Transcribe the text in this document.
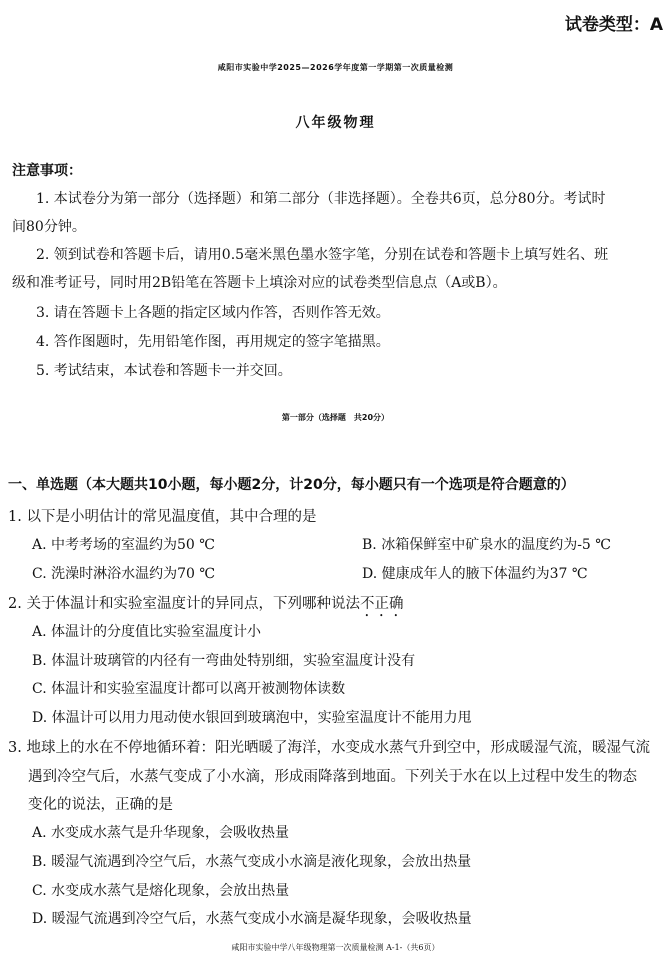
试卷类型：A
咸阳市实验中学2025—2026学年度第一学期第一次质量检测
八年级物理
注意事项：
1. 本试卷分为第一部分（选择题）和第二部分（非选择题）。全卷共6页，总分80分。考试时
间80分钟。
2. 领到试卷和答题卡后，请用0.5毫米黑色墨水签字笔，分别在试卷和答题卡上填写姓名、班
级和准考证号，同时用2B铅笔在答题卡上填涂对应的试卷类型信息点（A或B）。
3. 请在答题卡上各题的指定区域内作答，否则作答无效。
4. 答作图题时，先用铅笔作图，再用规定的签字笔描黑。
5. 考试结束，本试卷和答题卡一并交回。
第一部分（选择题　共20分）
一、单选题（本大题共10小题，每小题2分，计20分，每小题只有一个选项是符合题意的）
1. 以下是小明估计的常见温度值，其中合理的是
A. 中考考场的室温约为50 ℃	B. 冰箱保鲜室中矿泉水的温度约为-5 ℃
C. 洗澡时淋浴水温约为70 ℃	D. 健康成年人的腋下体温约为37 ℃
2. 关于体温计和实验室温度计的异同点，下列哪种说法不正确
A. 体温计的分度值比实验室温度计小
B. 体温计玻璃管的内径有一弯曲处特别细，实验室温度计没有
C. 体温计和实验室温度计都可以离开被测物体读数
D. 体温计可以用力甩动使水银回到玻璃泡中，实验室温度计不能用力甩
3. 地球上的水在不停地循环着：阳光晒暖了海洋，水变成水蒸气升到空中，形成暖湿气流，暖湿气流
遇到冷空气后，水蒸气变成了小水滴，形成雨降落到地面。下列关于水在以上过程中发生的物态
变化的说法，正确的是
A. 水变成水蒸气是升华现象，会吸收热量
B. 暖湿气流遇到冷空气后，水蒸气变成小水滴是液化现象，会放出热量
C. 水变成水蒸气是熔化现象，会放出热量
D. 暖湿气流遇到冷空气后，水蒸气变成小水滴是凝华现象，会吸收热量
咸阳市实验中学八年级物理第一次质量检测 A-1-（共6页）
